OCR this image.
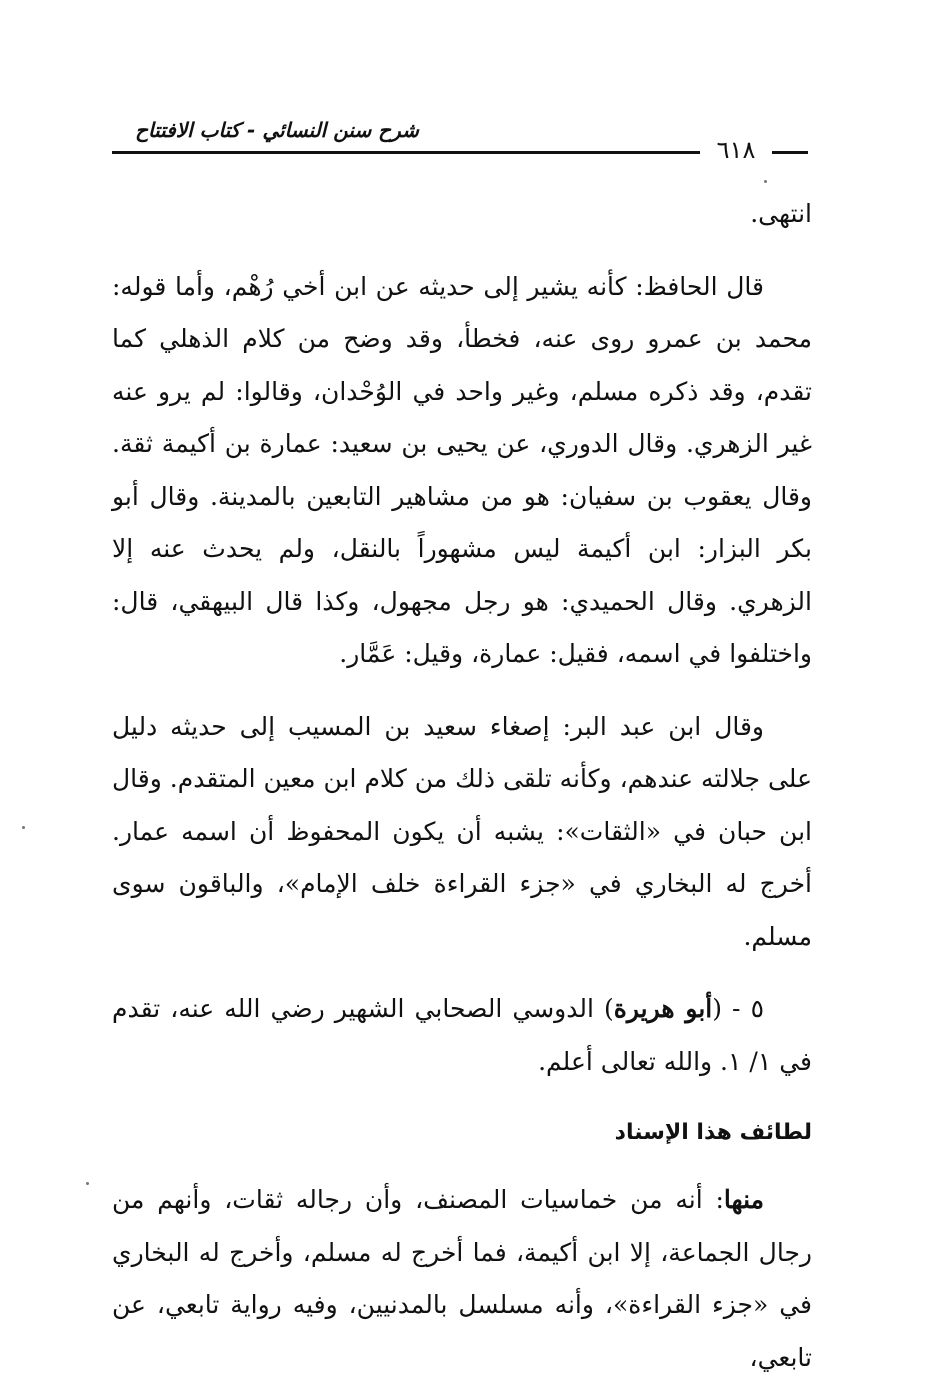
شرح سنن النسائي - كتاب الافتتاح
٦١٨

انتهى.

قال الحافظ: كأنه يشير إلى حديثه عن ابن أخي رُهْم، وأما قوله: محمد بن عمرو روى عنه، فخطأ، وقد وضح من كلام الذهلي كما تقدم، وقد ذكره مسلم، وغير واحد في الوُحْدان، وقالوا: لم يرو عنه غير الزهري. وقال الدوري، عن يحيى بن سعيد: عمارة بن أكيمة ثقة. وقال يعقوب بن سفيان: هو من مشاهير التابعين بالمدينة. وقال أبو بكر البزار: ابن أكيمة ليس مشهوراً بالنقل، ولم يحدث عنه إلا الزهري. وقال الحميدي: هو رجل مجهول، وكذا قال البيهقي، قال: واختلفوا في اسمه، فقيل: عمارة، وقيل: عَمَّار.

وقال ابن عبد البر: إصغاء سعيد بن المسيب إلى حديثه دليل على جلالته عندهم، وكأنه تلقى ذلك من كلام ابن معين المتقدم. وقال ابن حبان في «الثقات»: يشبه أن يكون المحفوظ أن اسمه عمار. أخرج له البخاري في «جزء القراءة خلف الإمام»، والباقون سوى مسلم.

٥ - (أبو هريرة) الدوسي الصحابي الشهير رضي الله عنه، تقدم في ١/ ١. والله تعالى أعلم.

لطائف هذا الإسناد

منها: أنه من خماسيات المصنف، وأن رجاله ثقات، وأنهم من رجال الجماعة، إلا ابن أكيمة، فما أخرج له مسلم، وأخرج له البخاري في «جزء القراءة»، وأنه مسلسل بالمدنيين، وفيه رواية تابعي، عن تابعي،
